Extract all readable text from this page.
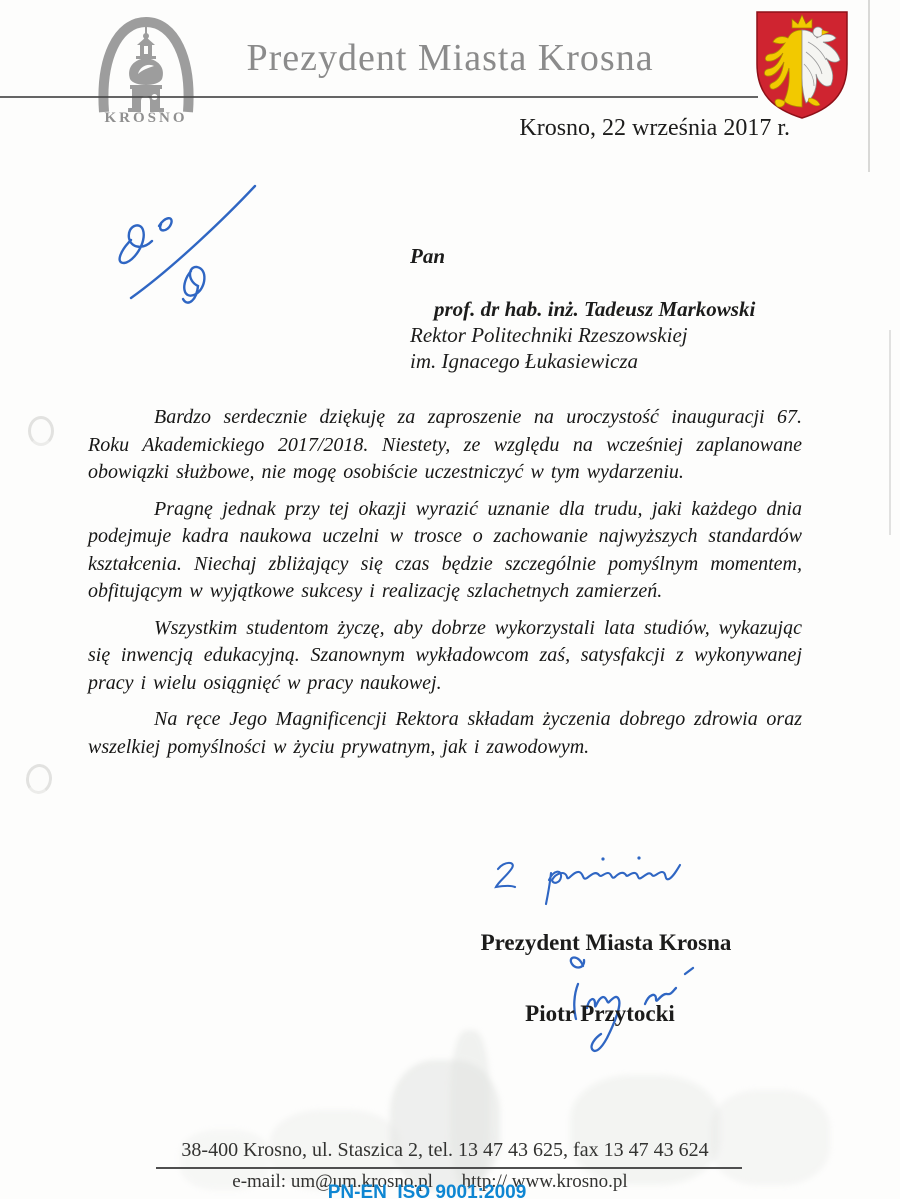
KROSNO
Prezydent Miasta Krosna
Krosno, 22 września 2017 r.

Pan

prof. dr hab. inż. Tadeusz Markowski

Rektor Politechniki Rzeszowskiej

im. Ignacego Łukasiewicza

Bardzo serdecznie dziękuję za zaproszenie na uroczystość inauguracji 67. Roku Akademickiego 2017/2018. Niestety, ze względu na wcześniej zaplanowane obowiązki służbowe, nie mogę osobiście uczestniczyć w tym wydarzeniu.

Pragnę jednak przy tej okazji wyrazić uznanie dla trudu, jaki każdego dnia podejmuje kadra naukowa uczelni w trosce o zachowanie najwyższych standardów kształcenia. Niechaj zbliżający się czas będzie szczególnie pomyślnym momentem, obfitującym w wyjątkowe sukcesy i realizację szlachetnych zamierzeń.

Wszystkim studentom życzę, aby dobrze wykorzystali lata studiów, wykazując się inwencją edukacyjną. Szanownym wykładowcom zaś, satysfakcji z wykonywanej pracy i wielu osiągnięć w pracy naukowej.

Na ręce Jego Magnificencji Rektora składam życzenia dobrego zdrowia oraz wszelkiej pomyślności w życiu prywatnym, jak i zawodowym.

Prezydent Miasta Krosna

Piotr Przytocki

38-400 Krosno, ul. Staszica 2, tel. 13 47 43 625, fax 13 47 43 624
e-mail: um@um.krosno.pl http:// www.krosno.pl
PN-EN  ISO 9001:2009
